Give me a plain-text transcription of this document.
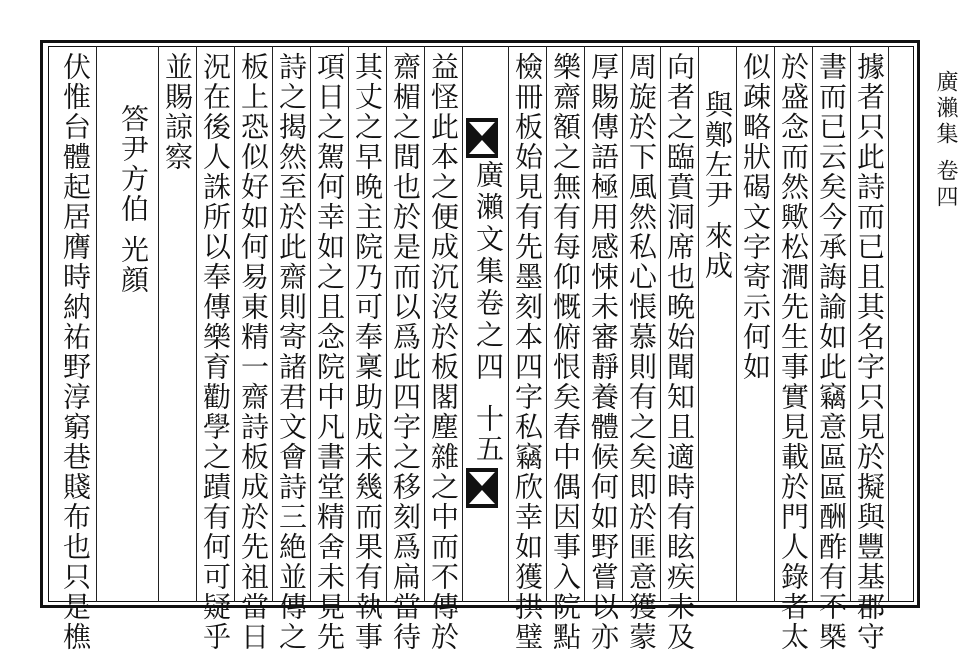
廣瀨集 卷四
據者只此詩而已且其名字只見於擬與豐基郡守
書而已云矣今承誨諭如此竊意區區酬酢有不槩
於盛念而然歟松澗先生事實見載於門人錄者太
似疎略狀碣文字寄示何如
與鄭左尹 來成
向者之臨賁洞席也晩始聞知且適時有眩疾未及
周旋於下風然私心悵慕則有之矣即於匪意獲蒙
厚賜傳語極用感悚未審靜養體候何如野嘗以亦
樂齋額之無有每仰慨俯恨矣春中偶因事入院點
檢冊板始見有先墨刻本四字私竊欣幸如獲拱璧
廣瀨文集卷之四
十五
益怪此本之便成沉沒於板閣塵雜之中而不傳於
齋楣之間也於是而以爲此四字之移刻爲扁當待
其丈之早晩主院乃可奉稟助成未幾而果有執事
項日之駕何幸如之且念院中凡書堂精舍未見先
詩之揭然至於此齋則寄諸君文會詩三絶並傳之
板上恐似好如何易東精一齋詩板成於先祖當日
況在後人誅所以奉傳樂育勸學之蹟有何可疑乎
並賜諒察
答尹方伯 光顔
伏惟台體起居膺時納祐野淳窮巷賤布也只是樵
